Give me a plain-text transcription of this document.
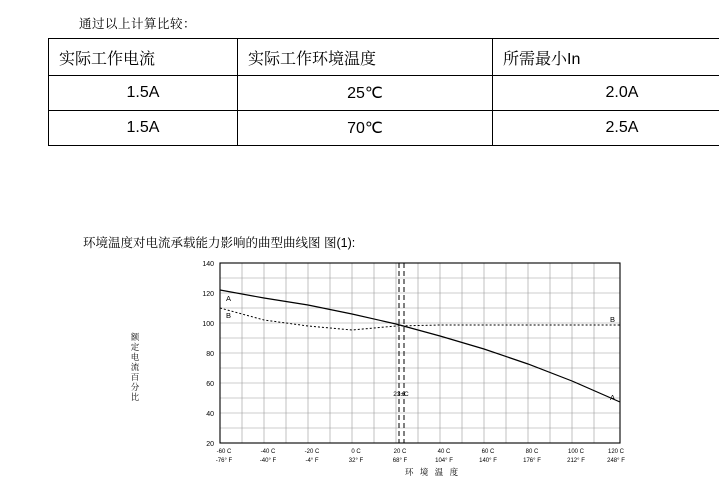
通过以上计算比较：
实际工作电流	实际工作环境温度	所需最小In
1.5A	25℃	2.0A
1.5A	70℃	2.5A
环境温度对电流承载能力影响的曲型曲线图 图(1):
额定电流百分比
140
120
100
80
60
40
20
23±C
A
B	B
A
-60 C	-40 C	-20 C	0 C	20 C	40 C	60 C	80 C	100 C	120 C
-76° F	-40° F	-4° F	32° F	68° F	104° F	140° F	176° F	212° F	248° F
环 境 温 度
